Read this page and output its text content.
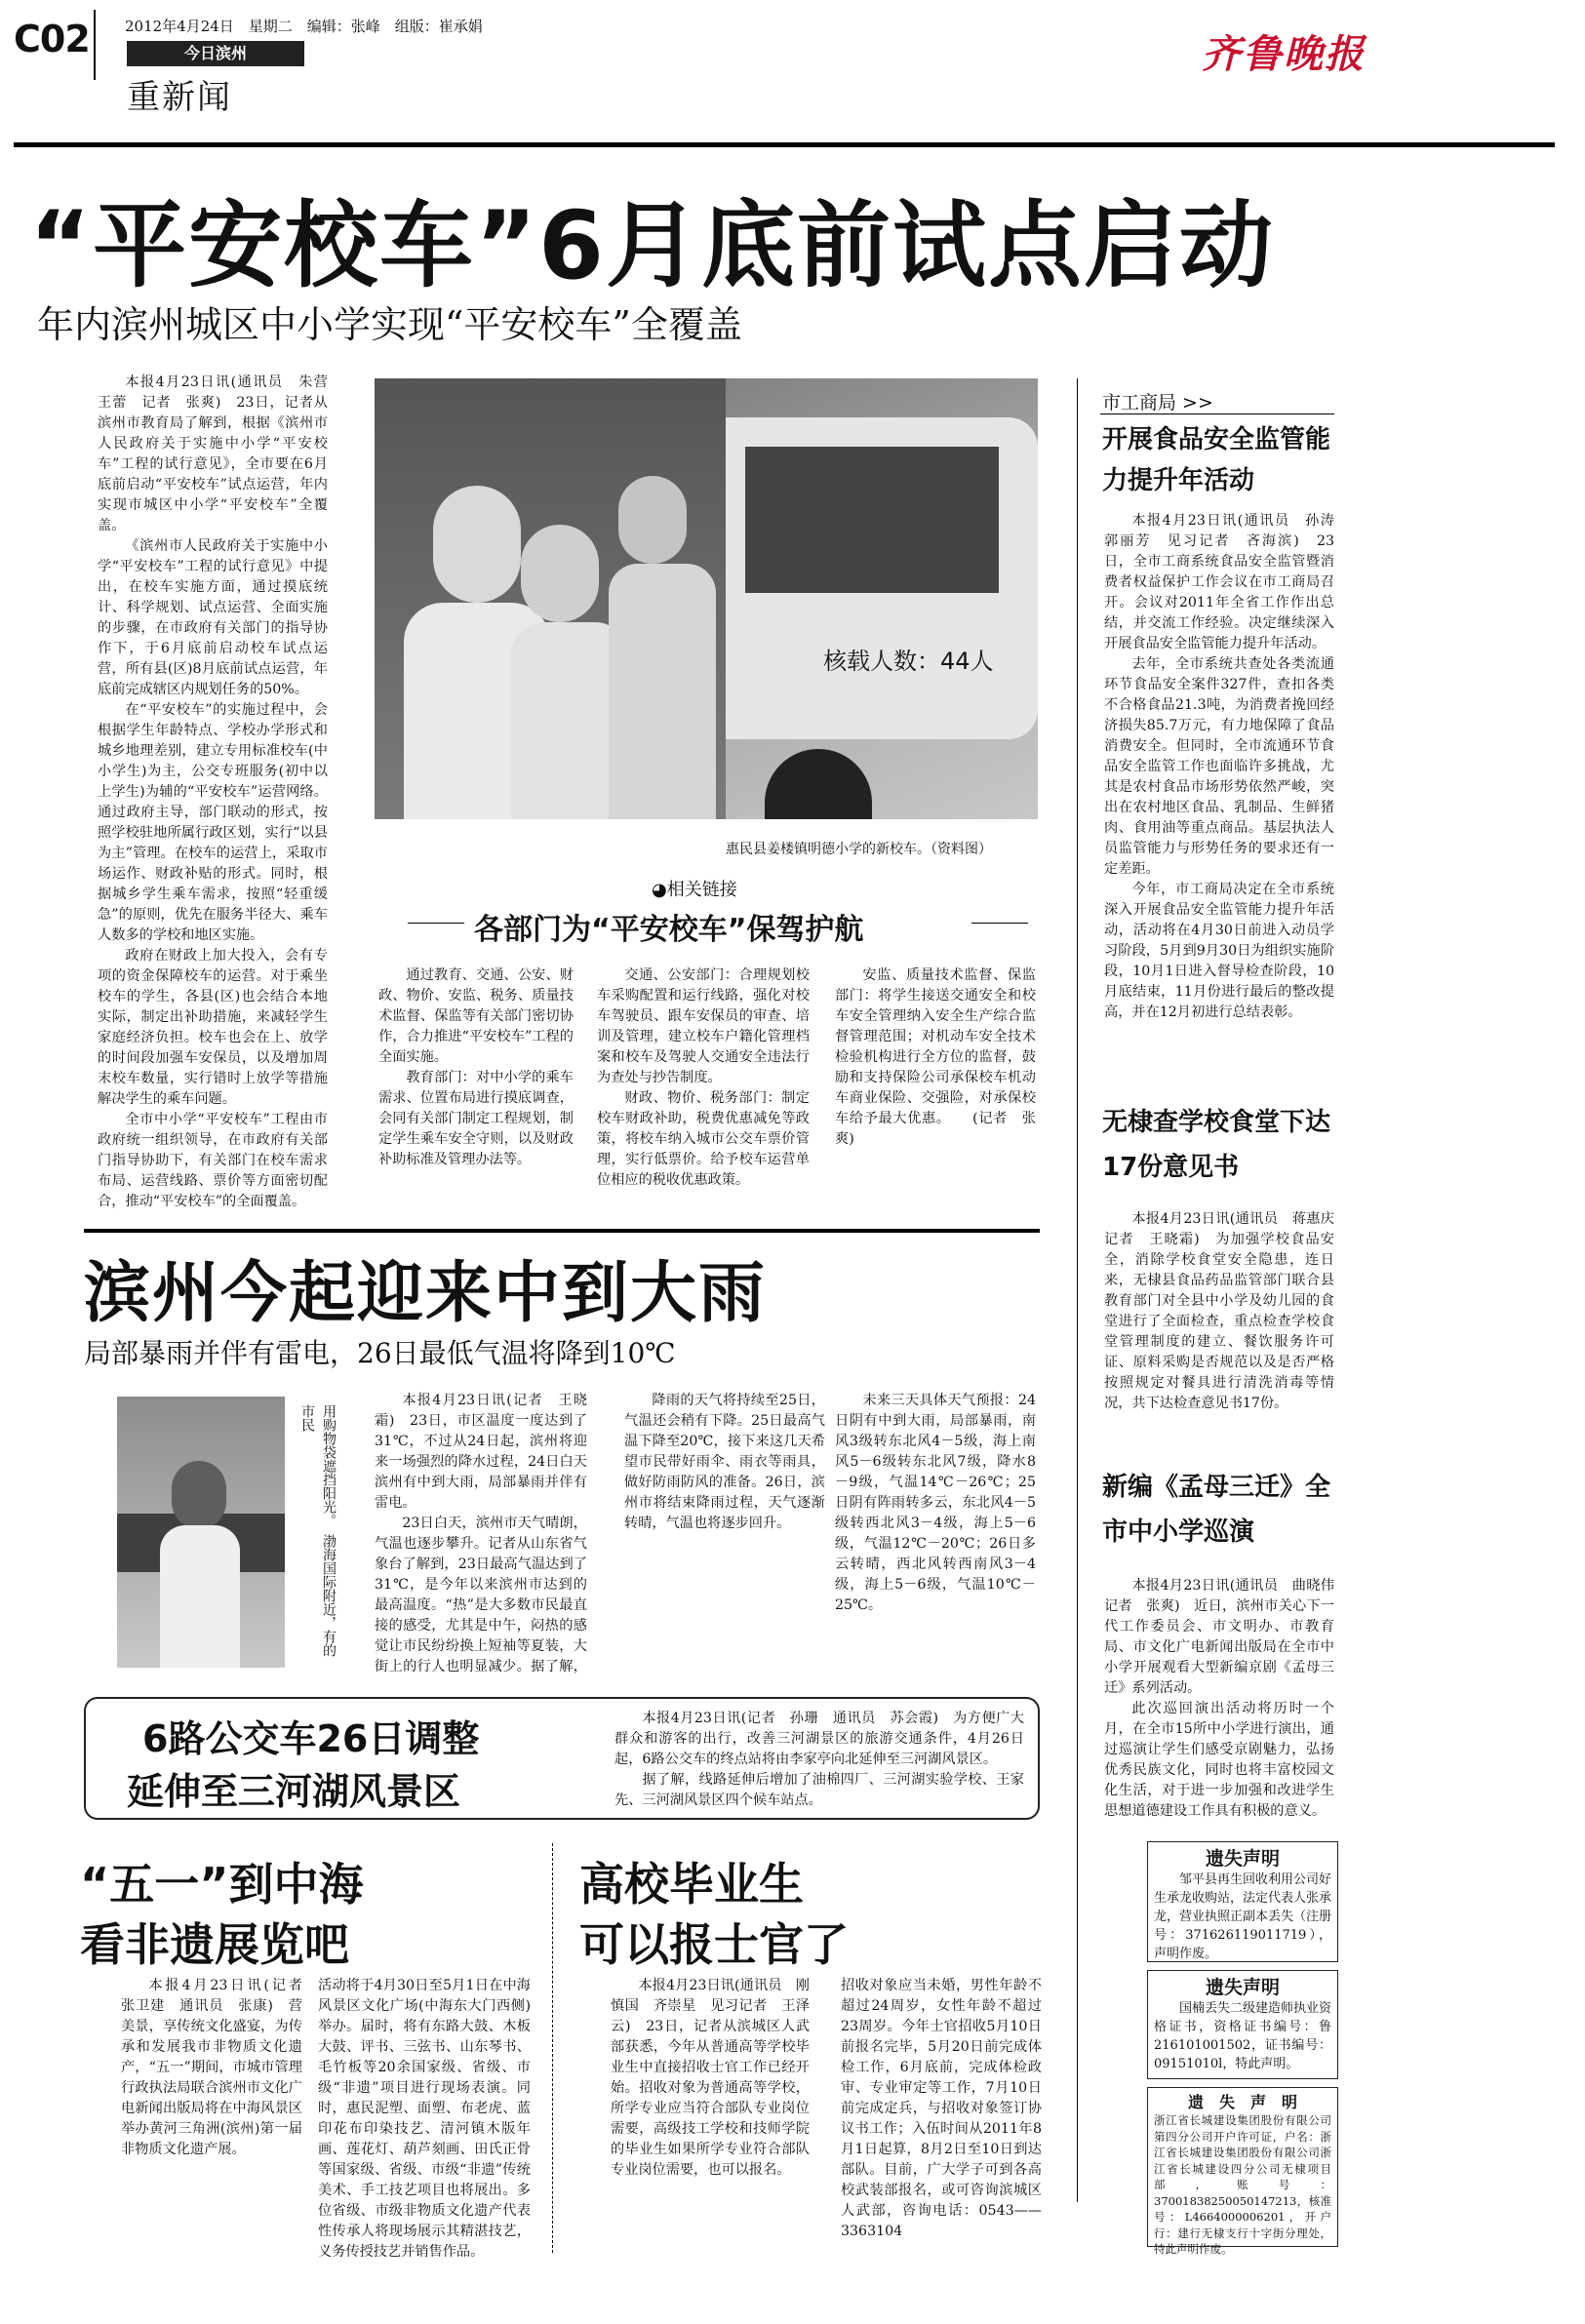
C02 2012年4月24日　星期二　编辑：张峰　组版：崔承娟
今日滨州
重新闻
齐鲁晚报
“平安校车”6月底前试点启动
年内滨州城区中小学实现“平安校车”全覆盖

本报4月23日讯(通讯员　朱营　王蕾　记者　张爽)　23日，记者从滨州市教育局了解到，根据《滨州市人民政府关于实施中小学“平安校车”工程的试行意见》，全市要在6月底前启动“平安校车”试点运营，年内实现市城区中小学“平安校车”全覆盖。

《滨州市人民政府关于实施中小学“平安校车”工程的试行意见》中提出，在校车实施方面，通过摸底统计、科学规划、试点运营、全面实施的步骤，在市政府有关部门的指导协作下，于6月底前启动校车试点运营，所有县(区)8月底前试点运营，年底前完成辖区内规划任务的50%。

在“平安校车”的实施过程中，会根据学生年龄特点、学校办学形式和城乡地理差别，建立专用标准校车(中小学生)为主，公交专班服务(初中以上学生)为辅的“平安校车”运营网络。通过政府主导，部门联动的形式，按照学校驻地所属行政区划，实行“以县为主”管理。在校车的运营上，采取市场运作、财政补贴的形式。同时，根据城乡学生乘车需求，按照“轻重缓急”的原则，优先在服务半径大、乘车人数多的学校和地区实施。

政府在财政上加大投入，会有专项的资金保障校车的运营。对于乘坐校车的学生，各县(区)也会结合本地实际，制定出补助措施，来减轻学生家庭经济负担。校车也会在上、放学的时间段加强车安保员，以及增加周末校车数量，实行错时上放学等措施解决学生的乘车问题。

全市中小学“平安校车”工程由市政府统一组织领导，在市政府有关部门指导协助下，有关部门在校车需求布局、运营线路、票价等方面密切配合，推动“平安校车”的全面覆盖。

核载人数：44人
惠民县姜楼镇明德小学的新校车。（资料图）
◕相关链接
各部门为“平安校车”保驾护航

通过教育、交通、公安、财政、物价、安监、税务、质量技术监督、保监等有关部门密切协作，合力推进“平安校车”工程的全面实施。

教育部门：对中小学的乘车需求、位置布局进行摸底调查，会同有关部门制定工程规划，制定学生乘车安全守则，以及财政补助标准及管理办法等。

交通、公安部门：合理规划校车采购配置和运行线路，强化对校车驾驶员、跟车安保员的审查、培训及管理，建立校车户籍化管理档案和校车及驾驶人交通安全违法行为查处与抄告制度。

财政、物价、税务部门：制定校车财政补助，税费优惠减免等政策，将校车纳入城市公交车票价管理，实行低票价。给予校车运营单位相应的税收优惠政策。

安监、质量技术监督、保监部门：将学生接送交通安全和校车安全管理纳入安全生产综合监督管理范围；对机动车安全技术检验机构进行全方位的监督，鼓励和支持保险公司承保校车机动车商业保险、交强险，对承保校车给予最大优惠。　　(记者　张爽)

市工商局 >>
开展食品安全监管能力提升年活动

本报4月23日讯(通讯员　孙涛　郭丽芳　见习记者　吝海滨)　23日，全市工商系统食品安全监管暨消费者权益保护工作会议在市工商局召开。会议对2011年全省工作作出总结，并交流工作经验。决定继续深入开展食品安全监管能力提升年活动。

去年，全市系统共查处各类流通环节食品安全案件327件，查扣各类不合格食品21.3吨，为消费者挽回经济损失85.7万元，有力地保障了食品消费安全。但同时，全市流通环节食品安全监管工作也面临许多挑战，尤其是农村食品市场形势依然严峻，突出在农村地区食品、乳制品、生鲜猪肉、食用油等重点商品。基层执法人员监管能力与形势任务的要求还有一定差距。

今年，市工商局决定在全市系统深入开展食品安全监管能力提升年活动，活动将在4月30日前进入动员学习阶段，5月到9月30日为组织实施阶段，10月1日进入督导检查阶段，10月底结束，11月份进行最后的整改提高，并在12月初进行总结表彰。

无棣查学校食堂下达17份意见书

本报4月23日讯(通讯员　蒋惠庆　记者　王晓霜)　为加强学校食品安全，消除学校食堂安全隐患，连日来，无棣县食品药品监管部门联合县教育部门对全县中小学及幼儿园的食堂进行了全面检查，重点检查学校食堂管理制度的建立、餐饮服务许可证、原料采购是否规范以及是否严格按照规定对餐具进行清洗消毒等情况，共下达检查意见书17份。

新编《孟母三迁》全市中小学巡演

本报4月23日讯(通讯员　曲晓伟　记者　张爽)　近日，滨州市关心下一代工作委员会、市文明办、市教育局、市文化广电新闻出版局在全市中小学开展观看大型新编京剧《孟母三迁》系列活动。

此次巡回演出活动将历时一个月，在全市15所中小学进行演出，通过巡演让学生们感受京剧魅力，弘扬优秀民族文化，同时也将丰富校园文化生活，对于进一步加强和改进学生思想道德建设工作具有积极的意义。

遗失声明
邹平县再生回收利用公司好生承龙收购站，法定代表人张承龙，营业执照正副本丢失（注册号：371626119011719），声明作废。
遗失声明
国楠丢失二级建造师执业资格证书，资格证书编号：鲁216101001502，证书编号：09151010l，特此声明。
遗　失　声　明
浙江省长城建设集团股份有限公司第四分公司开户许可证，户名：浙江省长城建设集团股份有限公司浙江省长城建设四分公司无棣项目部，账号：37001838250050147213，核准号：L4664000006201，开户行：建行无棣支行十字街分理处，特此声明作废。
滨州今起迎来中到大雨
局部暴雨并伴有雷电，26日最低气温将降到10℃
用购物袋遮挡阳光。　渤海国际附近，有的市民

本报4月23日讯(记者　王晓霜)　23日，市区温度一度达到了31℃，不过从24日起，滨州将迎来一场强烈的降水过程，24日白天滨州有中到大雨，局部暴雨并伴有雷电。

23日白天，滨州市天气晴朗，气温也逐步攀升。记者从山东省气象台了解到，23日最高气温达到了31℃，是今年以来滨州市达到的最高温度。“热”是大多数市民最直接的感受，尤其是中午，闷热的感觉让市民纷纷换上短袖等夏装，大街上的行人也明显减少。据了解，

降雨的天气将持续至25日，气温还会稍有下降。25日最高气温下降至20℃，接下来这几天希望市民带好雨伞、雨衣等雨具，做好防雨防风的准备。26日，滨州市将结束降雨过程，天气逐渐转晴，气温也将逐步回升。

未来三天具体天气预报：24日阴有中到大雨，局部暴雨，南风3级转东北风4－5级，海上南风5－6级转东北风7级，降水8－9级，气温14℃－26℃；25日阴有阵雨转多云，东北风4－5级转西北风3－4级，海上5－6级，气温12℃－20℃；26日多云转晴，西北风转西南风3－4级，海上5－6级，气温10℃－25℃。

6路公交车26日调整
延伸至三河湖风景区

本报4月23日讯(记者　孙珊　通讯员　苏会霞)　为方便广大群众和游客的出行，改善三河湖景区的旅游交通条件，4月26日起，6路公交车的终点站将由李家亭向北延伸至三河湖风景区。

据了解，线路延伸后增加了油棉四厂、三河湖实验学校、王家先、三河湖风景区四个候车站点。

“五一”到中海
看非遗展览吧

本报4月23日讯(记者　张卫建　通讯员　张康)　营美景，享传统文化盛宴，为传承和发展我市非物质文化遗产，“五一”期间，市城市管理行政执法局联合滨州市文化广电新闻出版局将在中海风景区举办黄河三角洲(滨州)第一届非物质文化遗产展。

活动将于4月30日至5月1日在中海风景区文化广场(中海东大门西侧)举办。届时，将有东路大鼓、木板大鼓、评书、三弦书、山东琴书、毛竹板等20余国家级、省级、市级“非遗”项目进行现场表演。同时，惠民泥塑、面塑、布老虎、蓝印花布印染技艺、清河镇木版年画、莲花灯、葫芦刻画、田氏正骨等国家级、省级、市级“非遗”传统美术、手工技艺项目也将展出。多位省级、市级非物质文化遗产代表性传承人将现场展示其精湛技艺，义务传授技艺并销售作品。

高校毕业生
可以报士官了

本报4月23日讯(通讯员　刚慎国　齐崇星　见习记者　王泽云)　23日，记者从滨城区人武部获悉，今年从普通高等学校毕业生中直接招收士官工作已经开始。招收对象为普通高等学校，所学专业应当符合部队专业岗位需要，高级技工学校和技师学院的毕业生如果所学专业符合部队专业岗位需要，也可以报名。

招收对象应当未婚，男性年龄不超过24周岁，女性年龄不超过23周岁。今年士官招收5月10日前报名完毕，5月20日前完成体检工作，6月底前，完成体检政审、专业审定等工作，7月10日前完成定兵，与招收对象签订协议书工作；入伍时间从2011年8月1日起算，8月2日至10日到达部队。目前，广大学子可到各高校武装部报名，或可咨询滨城区人武部，咨询电话：0543——3363104
